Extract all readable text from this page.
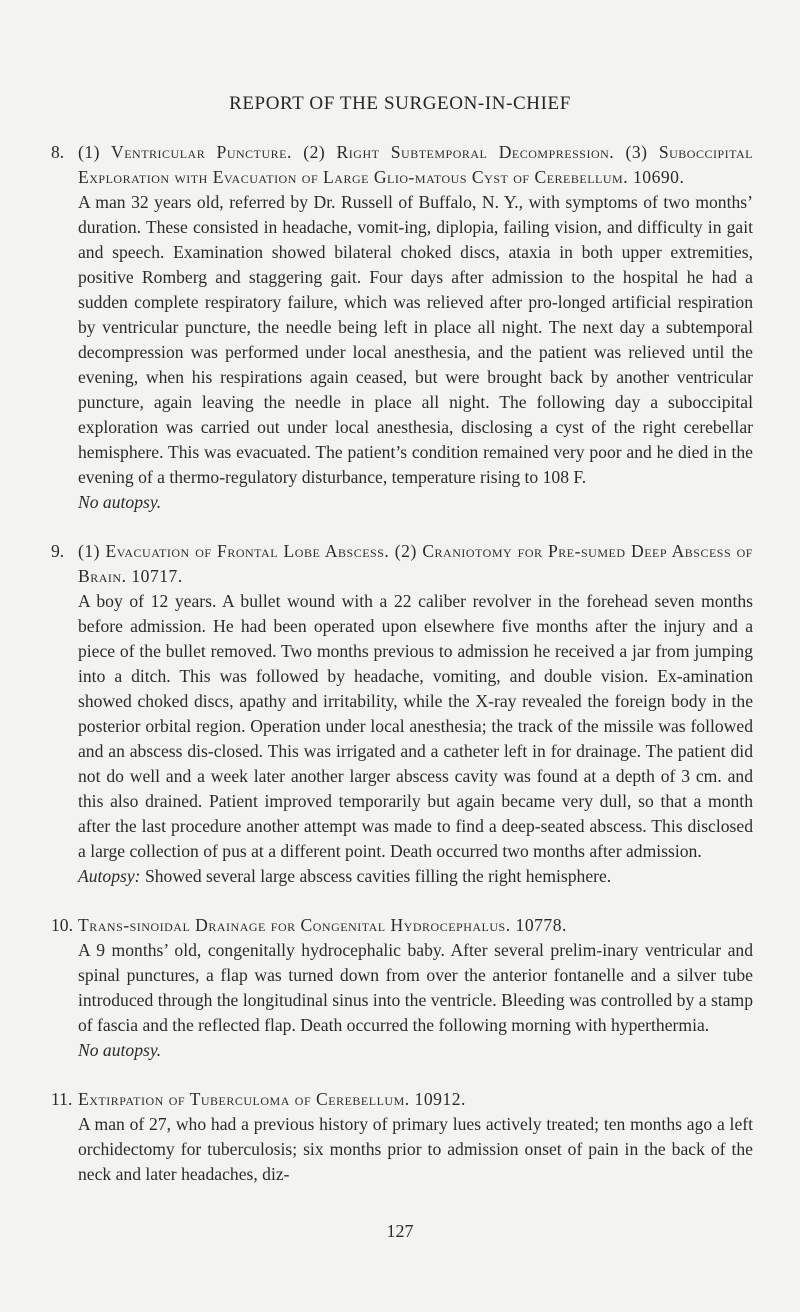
REPORT OF THE SURGEON-IN-CHIEF
8. (1) Ventricular Puncture. (2) Right Subtemporal Decompression. (3) Suboccipital Exploration with Evacuation of Large Glio-matous Cyst of Cerebellum. 10690.

A man 32 years old, referred by Dr. Russell of Buffalo, N. Y., with symptoms of two months’ duration. These consisted in headache, vomit-ing, diplopia, failing vision, and difficulty in gait and speech. Examination showed bilateral choked discs, ataxia in both upper extremities, positive Romberg and staggering gait. Four days after admission to the hospital he had a sudden complete respiratory failure, which was relieved after pro-longed artificial respiration by ventricular puncture, the needle being left in place all night. The next day a subtemporal decompression was performed under local anesthesia, and the patient was relieved until the evening, when his respirations again ceased, but were brought back by another ventricular puncture, again leaving the needle in place all night. The following day a suboccipital exploration was carried out under local anesthesia, disclosing a cyst of the right cerebellar hemisphere. This was evacuated. The patient’s condition remained very poor and he died in the evening of a thermo-regulatory disturbance, temperature rising to 108 F.

No autopsy.

9. (1) Evacuation of Frontal Lobe Abscess. (2) Craniotomy for Pre-sumed Deep Abscess of Brain. 10717.

A boy of 12 years. A bullet wound with a 22 caliber revolver in the forehead seven months before admission. He had been operated upon elsewhere five months after the injury and a piece of the bullet removed. Two months previous to admission he received a jar from jumping into a ditch. This was followed by headache, vomiting, and double vision. Ex-amination showed choked discs, apathy and irritability, while the X-ray revealed the foreign body in the posterior orbital region. Operation under local anesthesia; the track of the missile was followed and an abscess dis-closed. This was irrigated and a catheter left in for drainage. The patient did not do well and a week later another larger abscess cavity was found at a depth of 3 cm. and this also drained. Patient improved temporarily but again became very dull, so that a month after the last procedure another attempt was made to find a deep-seated abscess. This disclosed a large collection of pus at a different point. Death occurred two months after admission.

Autopsy: Showed several large abscess cavities filling the right hemisphere.

10. Trans-sinoidal Drainage for Congenital Hydrocephalus. 10778.

A 9 months’ old, congenitally hydrocephalic baby. After several prelim-inary ventricular and spinal punctures, a flap was turned down from over the anterior fontanelle and a silver tube introduced through the longitudinal sinus into the ventricle. Bleeding was controlled by a stamp of fascia and the reflected flap. Death occurred the following morning with hyperthermia.

No autopsy.

11. Extirpation of Tuberculoma of Cerebellum. 10912.

A man of 27, who had a previous history of primary lues actively treated; ten months ago a left orchidectomy for tuberculosis; six months prior to admission onset of pain in the back of the neck and later headaches, diz-

127
